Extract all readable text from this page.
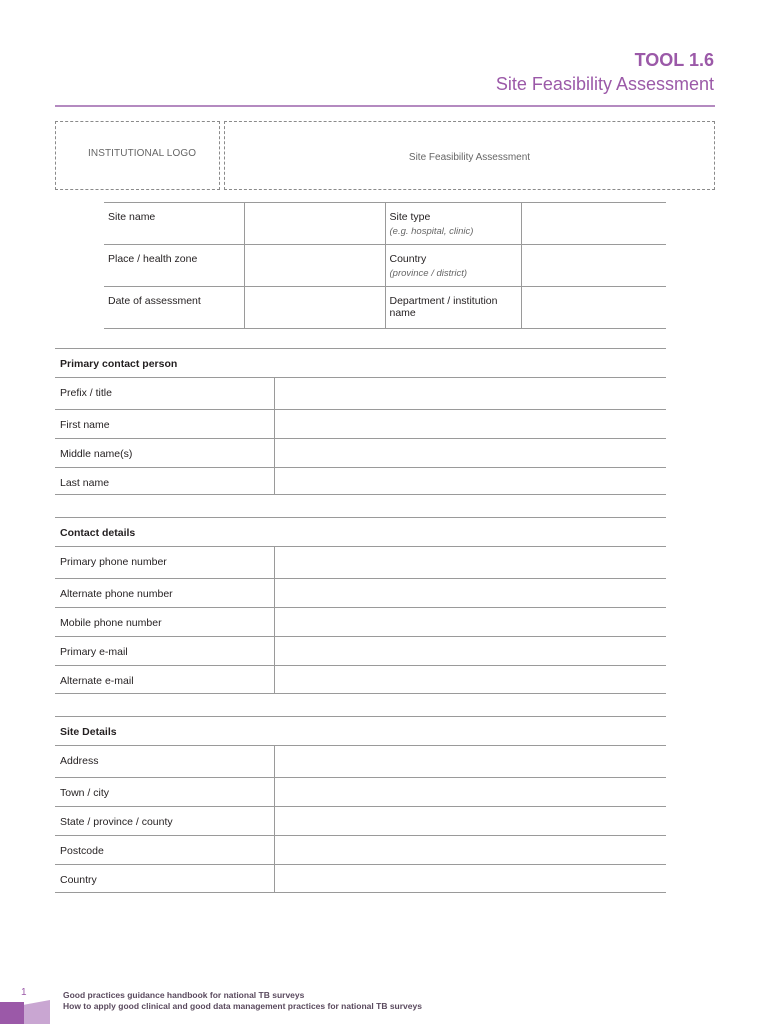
TOOL 1.6
Site Feasibility Assessment
INSTITUTIONAL LOGO	Site Feasibility Assessment
Site name		Site type
(e.g. hospital, clinic)	

Place / health zone		Country
(province / district)	

Date of assessment		Department / institution name	
Primary contact person
Prefix / title
First name
Middle name(s)
Last name
Contact details
Primary phone number
Alternate phone number
Mobile phone number
Primary e-mail
Alternate e-mail
Site Details
Address
Town / city
State / province / county
Postcode
Country
1	Good practices guidance handbook for national TB surveys
How to apply good clinical and good data management practices for national TB surveys
